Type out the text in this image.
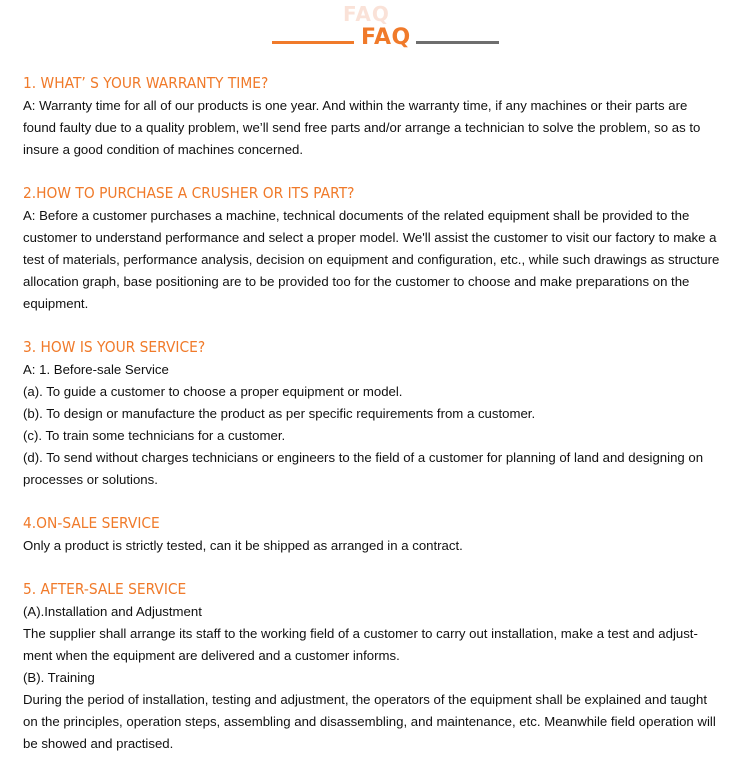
FAQ
FAQ
1. WHAT’ S YOUR WARRANTY TIME?
A: Warranty time for all of our products is one year. And within the warranty time, if any machines or their parts are
found faulty due to a quality problem, we’ll send free parts and/or arrange a technician to solve the problem, so as to
insure a good condition of machines concerned.
2.HOW TO PURCHASE A CRUSHER OR ITS PART?
A: Before a customer purchases a machine, technical documents of the related equipment shall be provided to the
customer to understand performance and select a proper model. We'll assist the customer to visit our factory to make a
test of materials, performance analysis, decision on equipment and configuration, etc., while such drawings as structure
allocation graph, base positioning are to be provided too for the customer to choose and make preparations on the
equipment.
3. HOW IS YOUR SERVICE?
A: 1. Before-sale Service
(a). To guide a customer to choose a proper equipment or model.
(b). To design or manufacture the product as per specific requirements from a customer.
(c). To train some technicians for a customer.
(d). To send without charges technicians or engineers to the field of a customer for planning of land and designing on
processes or solutions.
4.ON-SALE SERVICE
Only a product is strictly tested, can it be shipped as arranged in a contract.
5. AFTER-SALE SERVICE
(A).Installation and Adjustment
The supplier shall arrange its staff to the working field of a customer to carry out installation, make a test and adjust-
ment when the equipment are delivered and a customer informs.
(B). Training
During the period of installation, testing and adjustment, the operators of the equipment shall be explained and taught
on the principles, operation steps, assembling and disassembling, and maintenance, etc. Meanwhile field operation will
be showed and practised.
